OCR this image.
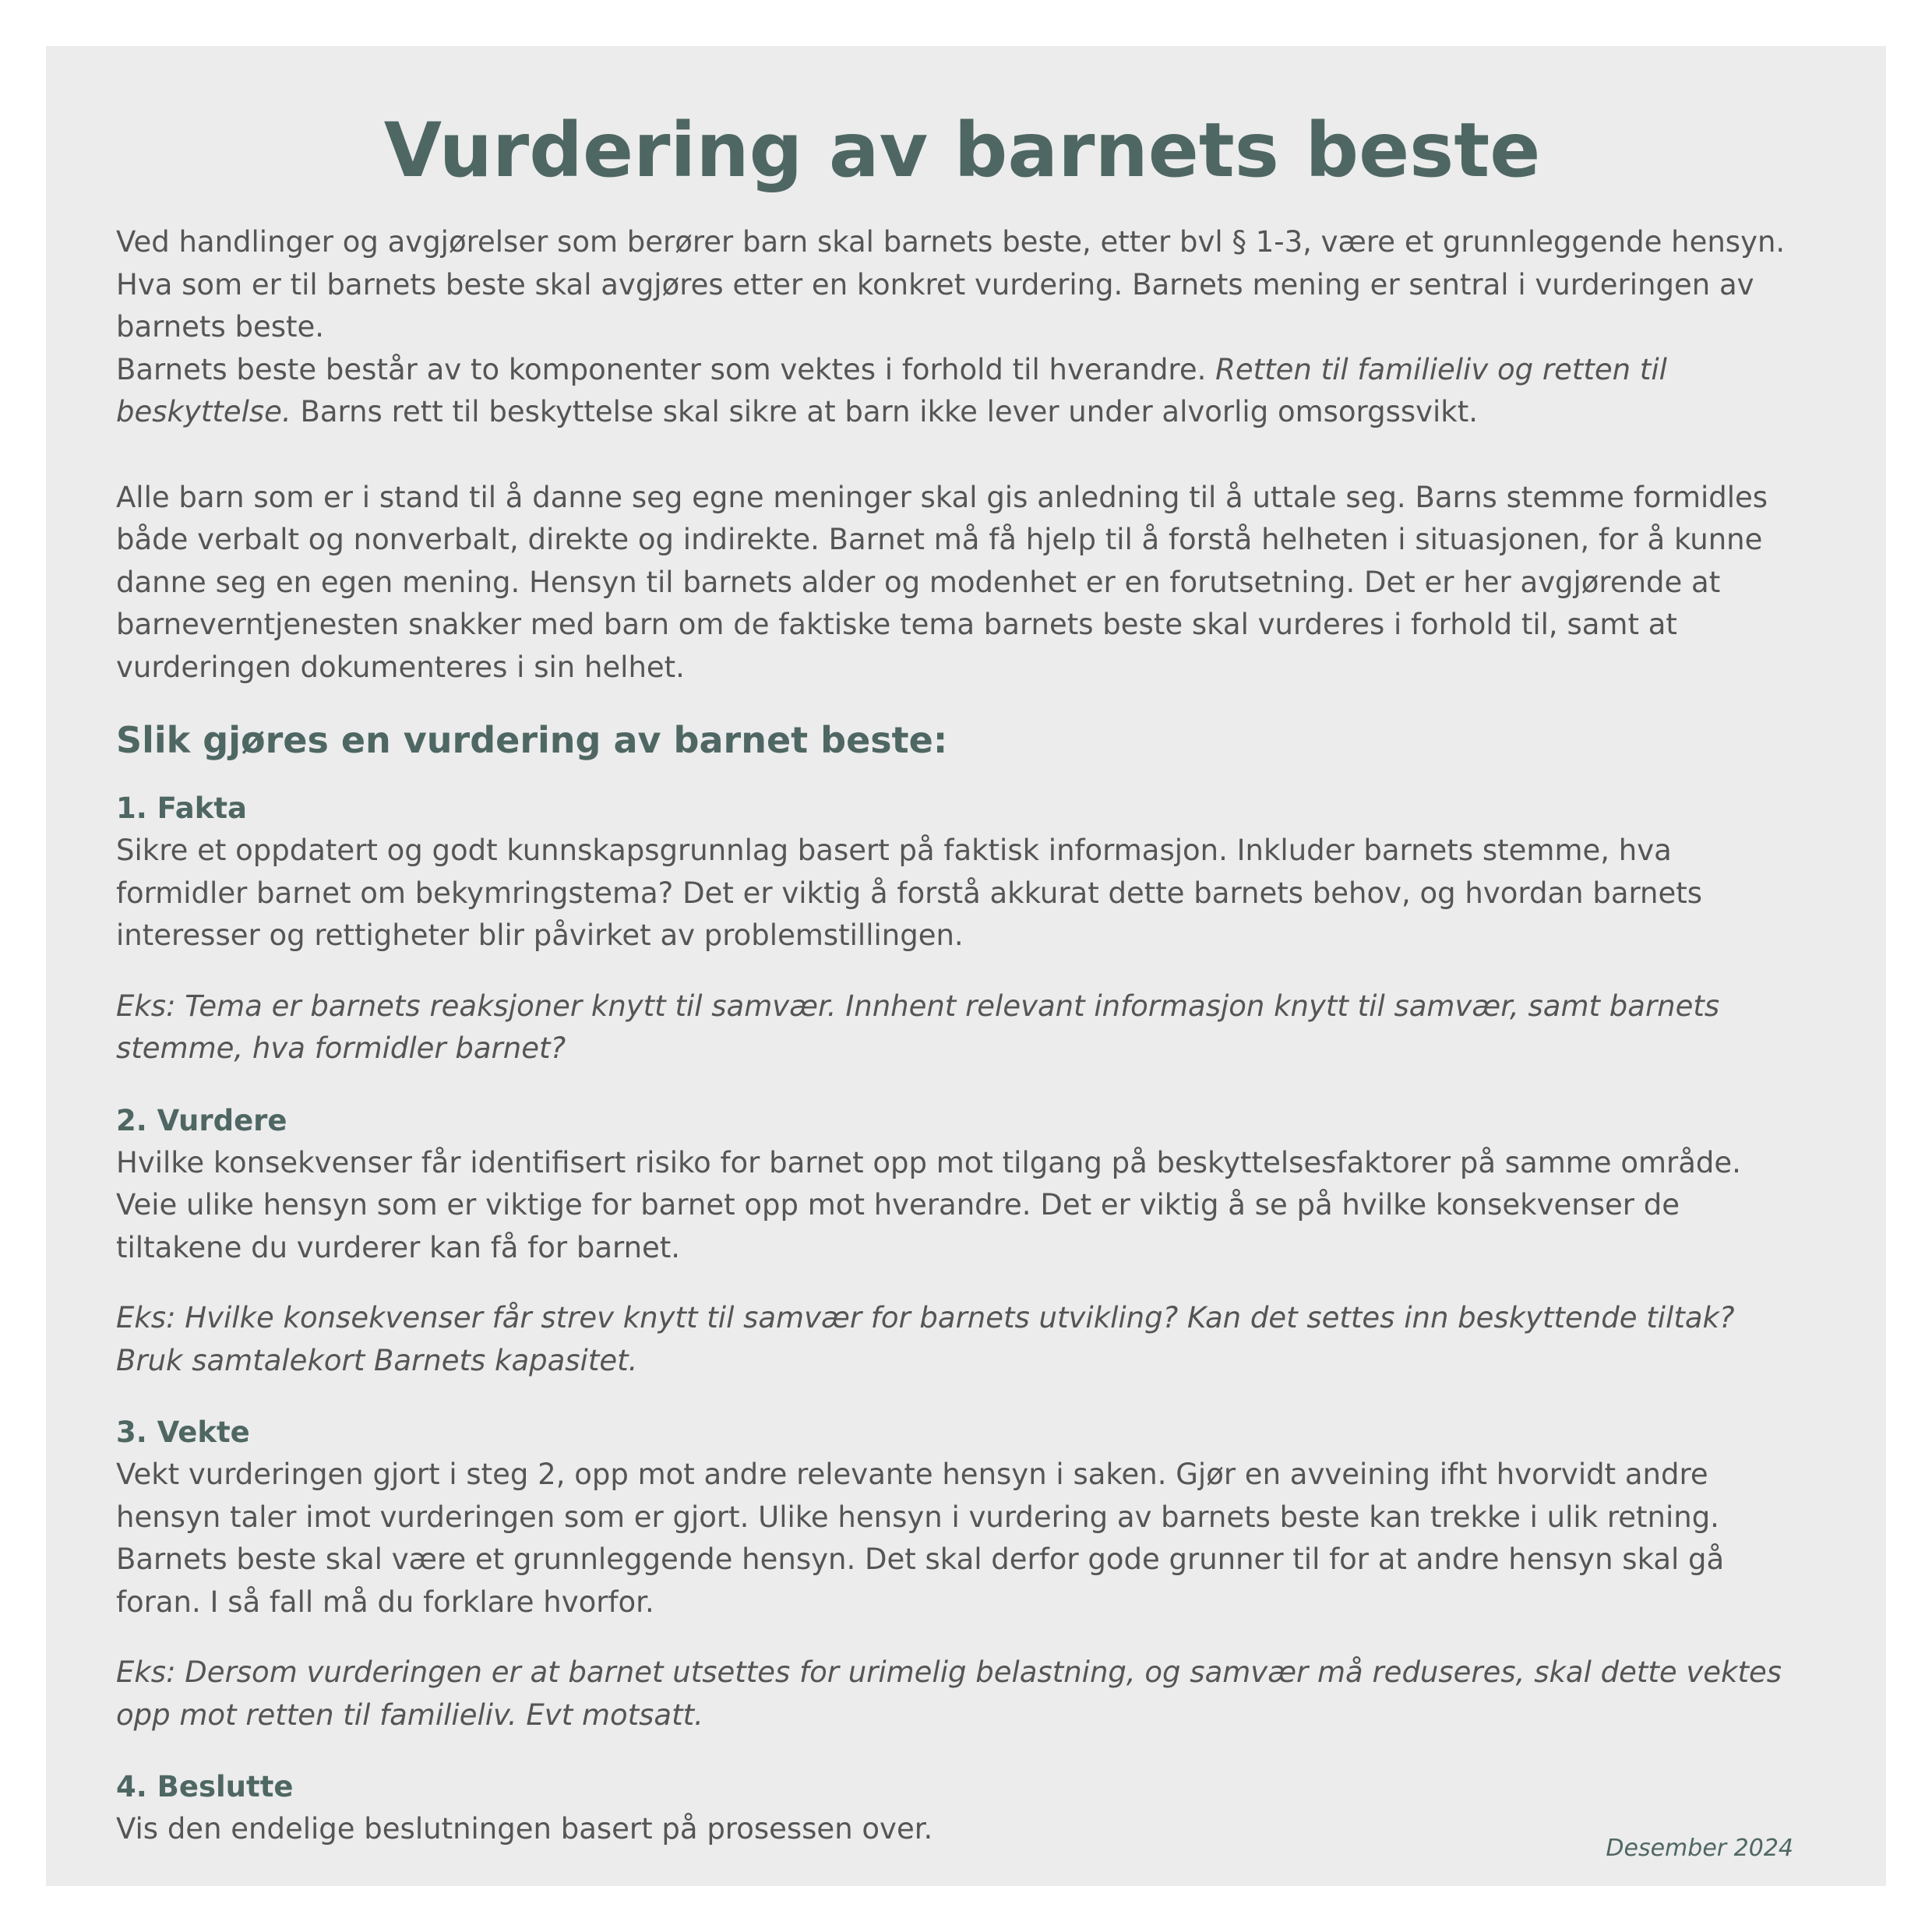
Vurdering av barnets beste

Ved handlinger og avgjørelser som berører barn skal barnets beste, etter bvl § 1-3, være et grunnleggende hensyn. Hva som er til barnets beste skal avgjøres etter en konkret vurdering. Barnets mening er sentral i vurderingen av barnets beste.

Barnets beste består av to komponenter som vektes i forhold til hverandre. Retten til familieliv og retten til beskyttelse. Barns rett til beskyttelse skal sikre at barn ikke lever under alvorlig omsorgssvikt.

Alle barn som er i stand til å danne seg egne meninger skal gis anledning til å uttale seg. Barns stemme formidles både verbalt og nonverbalt, direkte og indirekte. Barnet må få hjelp til å forstå helheten i situasjonen, for å kunne danne seg en egen mening. Hensyn til barnets alder og modenhet er en forutsetning. Det er her avgjørende at barneverntjenesten snakker med barn om de faktiske tema barnets beste skal vurderes i forhold til, samt at vurderingen dokumenteres i sin helhet.

Slik gjøres en vurdering av barnet beste:
1. Fakta

Sikre et oppdatert og godt kunnskapsgrunnlag basert på faktisk informasjon. Inkluder barnets stemme, hva formidler barnet om bekymringstema? Det er viktig å forstå akkurat dette barnets behov, og hvordan barnets interesser og rettigheter blir påvirket av problemstillingen.

Eks: Tema er barnets reaksjoner knytt til samvær. Innhent relevant informasjon knytt til samvær, samt barnets stemme, hva formidler barnet?

2. Vurdere

Hvilke konsekvenser får identifisert risiko for barnet opp mot tilgang på beskyttelsesfaktorer på samme område. Veie ulike hensyn som er viktige for barnet opp mot hverandre. Det er viktig å se på hvilke konsekvenser de tiltakene du vurderer kan få for barnet.

Eks: Hvilke konsekvenser får strev knytt til samvær for barnets utvikling? Kan det settes inn beskyttende tiltak? Bruk samtalekort Barnets kapasitet.

3. Vekte

Vekt vurderingen gjort i steg 2, opp mot andre relevante hensyn i saken. Gjør en avveining ifht hvorvidt andre hensyn taler imot vurderingen som er gjort. Ulike hensyn i vurdering av barnets beste kan trekke i ulik retning. Barnets beste skal være et grunnleggende hensyn. Det skal derfor gode grunner til for at andre hensyn skal gå foran. I så fall må du forklare hvorfor.

Eks: Dersom vurderingen er at barnet utsettes for urimelig belastning, og samvær må reduseres, skal dette vektes opp mot retten til familieliv. Evt motsatt.

4. Beslutte

Vis den endelige beslutningen basert på prosessen over.

Desember 2024
